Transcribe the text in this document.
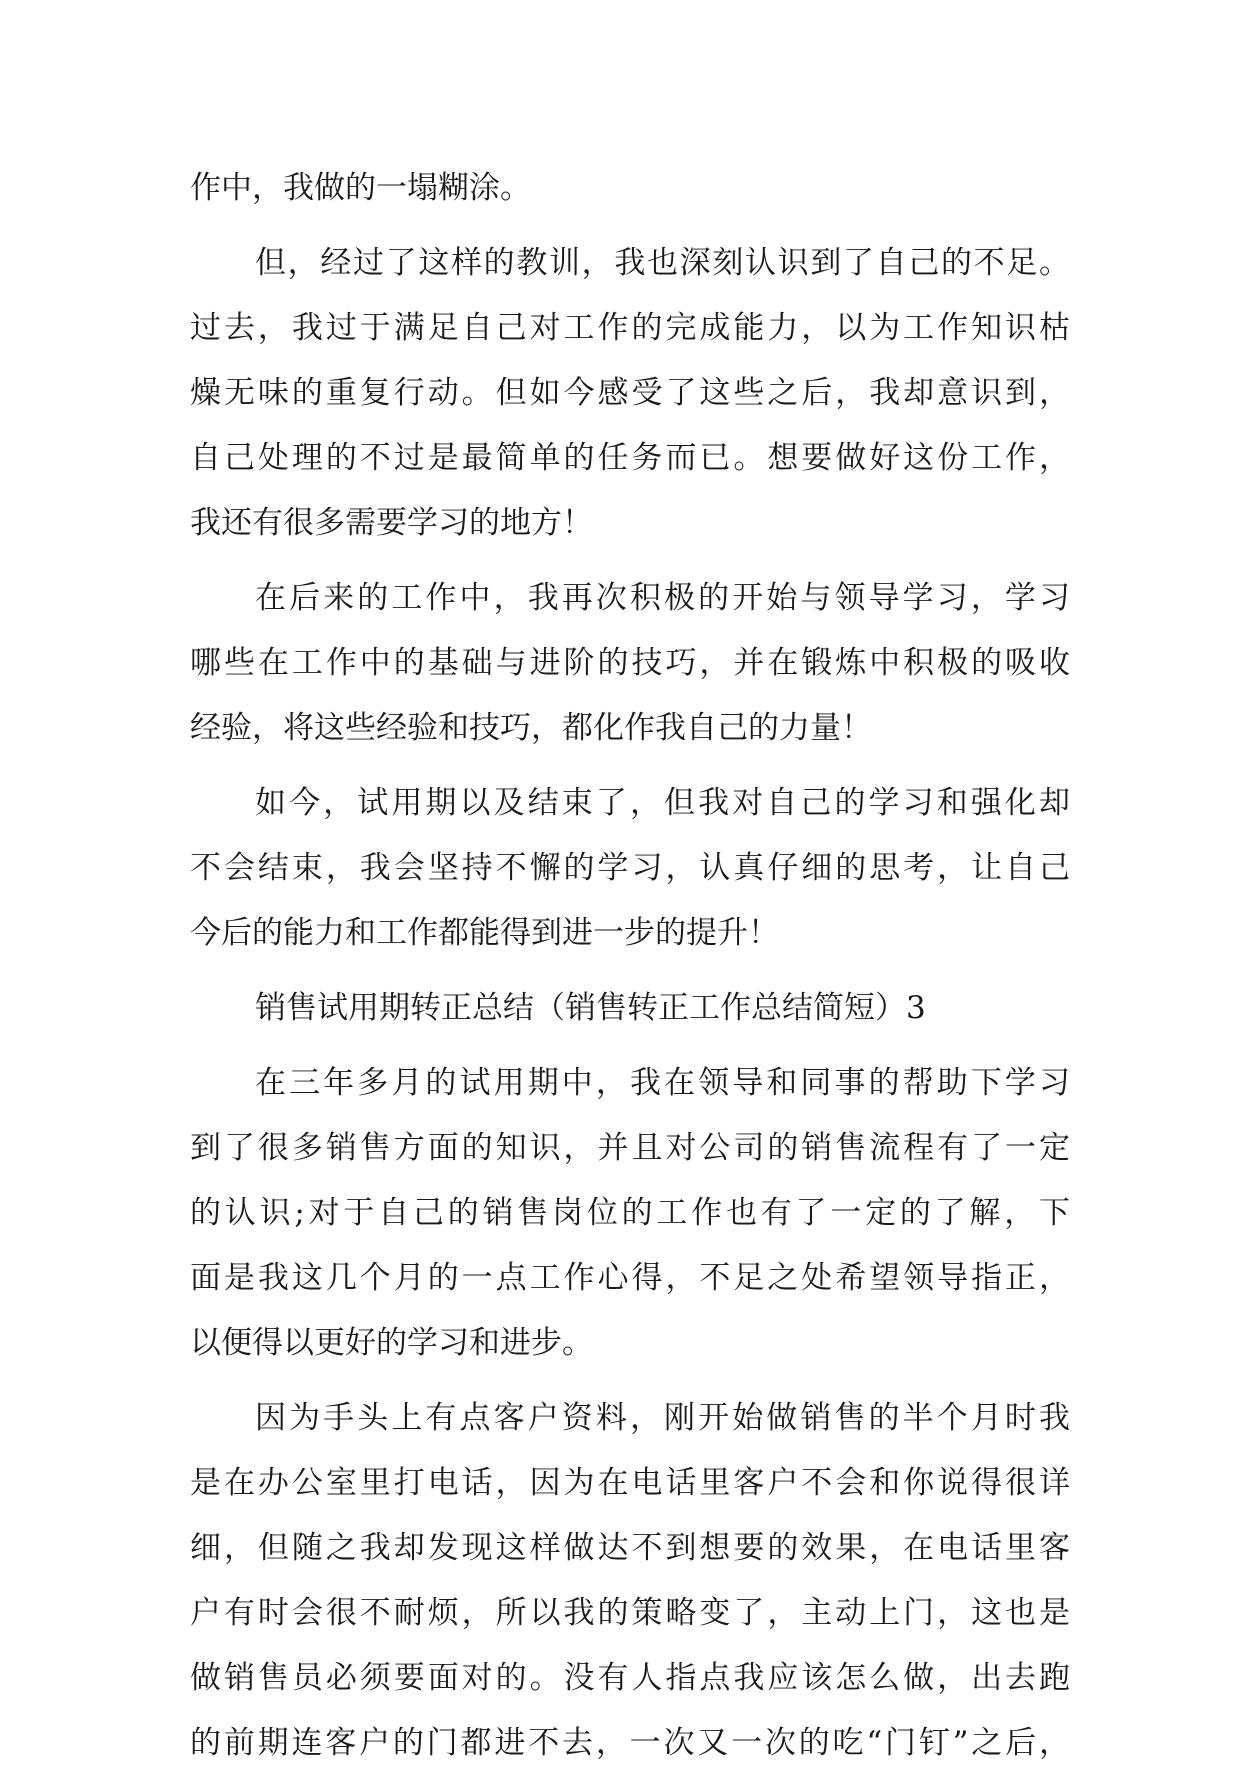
作中，我做的一塌糊涂。
但，经过了这样的教训，我也深刻认识到了自己的不足。
过去，我过于满足自己对工作的完成能力，以为工作知识枯
燥无味的重复行动。但如今感受了这些之后，我却意识到，
自己处理的不过是最简单的任务而已。想要做好这份工作，
我还有很多需要学习的地方！
在后来的工作中，我再次积极的开始与领导学习，学习
哪些在工作中的基础与进阶的技巧，并在锻炼中积极的吸收
经验，将这些经验和技巧，都化作我自己的力量！
如今，试用期以及结束了，但我对自己的学习和强化却
不会结束，我会坚持不懈的学习，认真仔细的思考，让自己
今后的能力和工作都能得到进一步的提升！
销售试用期转正总结（销售转正工作总结简短）3
在三年多月的试用期中，我在领导和同事的帮助下学习
到了很多销售方面的知识，并且对公司的销售流程有了一定
的认识;对于自己的销售岗位的工作也有了一定的了解，下
面是我这几个月的一点工作心得，不足之处希望领导指正，
以便得以更好的学习和进步。
因为手头上有点客户资料，刚开始做销售的半个月时我
是在办公室里打电话，因为在电话里客户不会和你说得很详
细，但随之我却发现这样做达不到想要的效果，在电话里客
户有时会很不耐烦，所以我的策略变了，主动上门，这也是
做销售员必须要面对的。没有人指点我应该怎么做，出去跑
的前期连客户的门都进不去，一次又一次的吃“门钉”之后，
